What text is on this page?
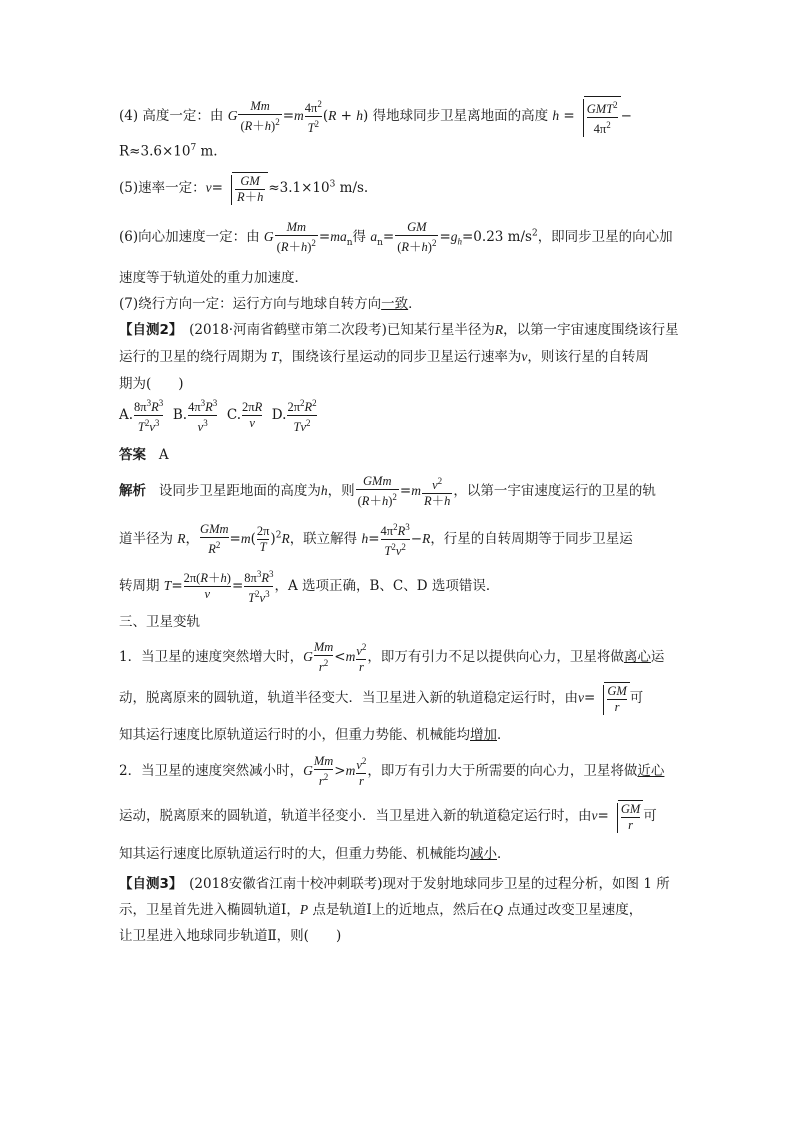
(4) 高度一定：由 G $\frac{Mm}{(R+h)^2} =m \frac{4\pi^2}{T^2} (R + h)$ 得地球同步卫星离地面的高度 $h = \frac{GMT^2}{4\pi^2}$ −
$R\approx 3.6\times 10^7$ m.
(5)速率一定：$v= \frac{GM}{R+h} \approx 3.1\times 10^3$ m/s.
(6)向心加速度一定：由 G $\frac{Mm}{(R+h)^2} =ma_n$得 $a_n= \frac{GM}{(R+h)^2} =g_h=0.23$ $m/s^2$，即同步卫星的向心加
速度等于轨道处的重力加速度．
(7)绕行方向一定：运行方向与地球自转方向一致．
【自测2】　(2018·河南省鹤壁市第二次段考)已知某行星半径为R，以第一宇宙速度围绕该行星
运行的卫星的绕行周期为 T，围绕该行星运动的同步卫星运行速率为v，则该行星的自转周
期为(　　)
A. $\frac{8\pi^3R^3}{T^2v^3} B$. $\frac{4\pi^3R^3}{v^3} C$. $\frac{2\pi R}{v} D$. $\frac{2\pi^2R^2}{Tv^2}$
答案 A
解析 设同步卫星距地面的高度为h，则 $\frac{\text{GMm}}{(R+h)^2} =m \frac{v^2}{R+h}$ ，以第一宇宙速度运行的卫星的轨
道半径为 R， $\frac{\text{GMm}}{R^2} =m( \frac{2\pi}{T} )^2R$，联立解得 $h= \frac{4\pi^2R^3}{T^2v^2} -R$，行星的自转周期等于同步卫星运
转周期 $T= \frac{2\pi(R+h)}{v} = \frac{8\pi^3R^3}{T^2v^3}$ ，A 选项正确，B、C、D 选项错误．
三、卫星变轨
1．当卫星的速度突然增大时，G $\frac{Mm}{r^2} <m \frac{v^2}{r}$ ，即万有引力不足以提供向心力，卫星将做离心运
动，脱离原来的圆轨道，轨道半径变大．当卫星进入新的轨道稳定运行时，由$v= \frac{GM}{r}$ 可
知其运行速度比原轨道运行时的小，但重力势能、机械能均增加．
2．当卫星的速度突然减小时，G $\frac{Mm}{r^2} >m \frac{v^2}{r}$ ，即万有引力大于所需要的向心力，卫星将做近心
运动，脱离原来的圆轨道，轨道半径变小．当卫星进入新的轨道稳定运行时，由$v= \frac{GM}{r}$ 可
知其运行速度比原轨道运行时的大，但重力势能、机械能均减小．
【自测3】　(2018安徽省江南十校冲刺联考)现对于发射地球同步卫星的过程分析，如图 1 所
示，卫星首先进入椭圆轨道Ⅰ，P 点是轨道Ⅰ上的近地点，然后在Q 点通过改变卫星速度，
让卫星进入地球同步轨道Ⅱ，则(　　)
